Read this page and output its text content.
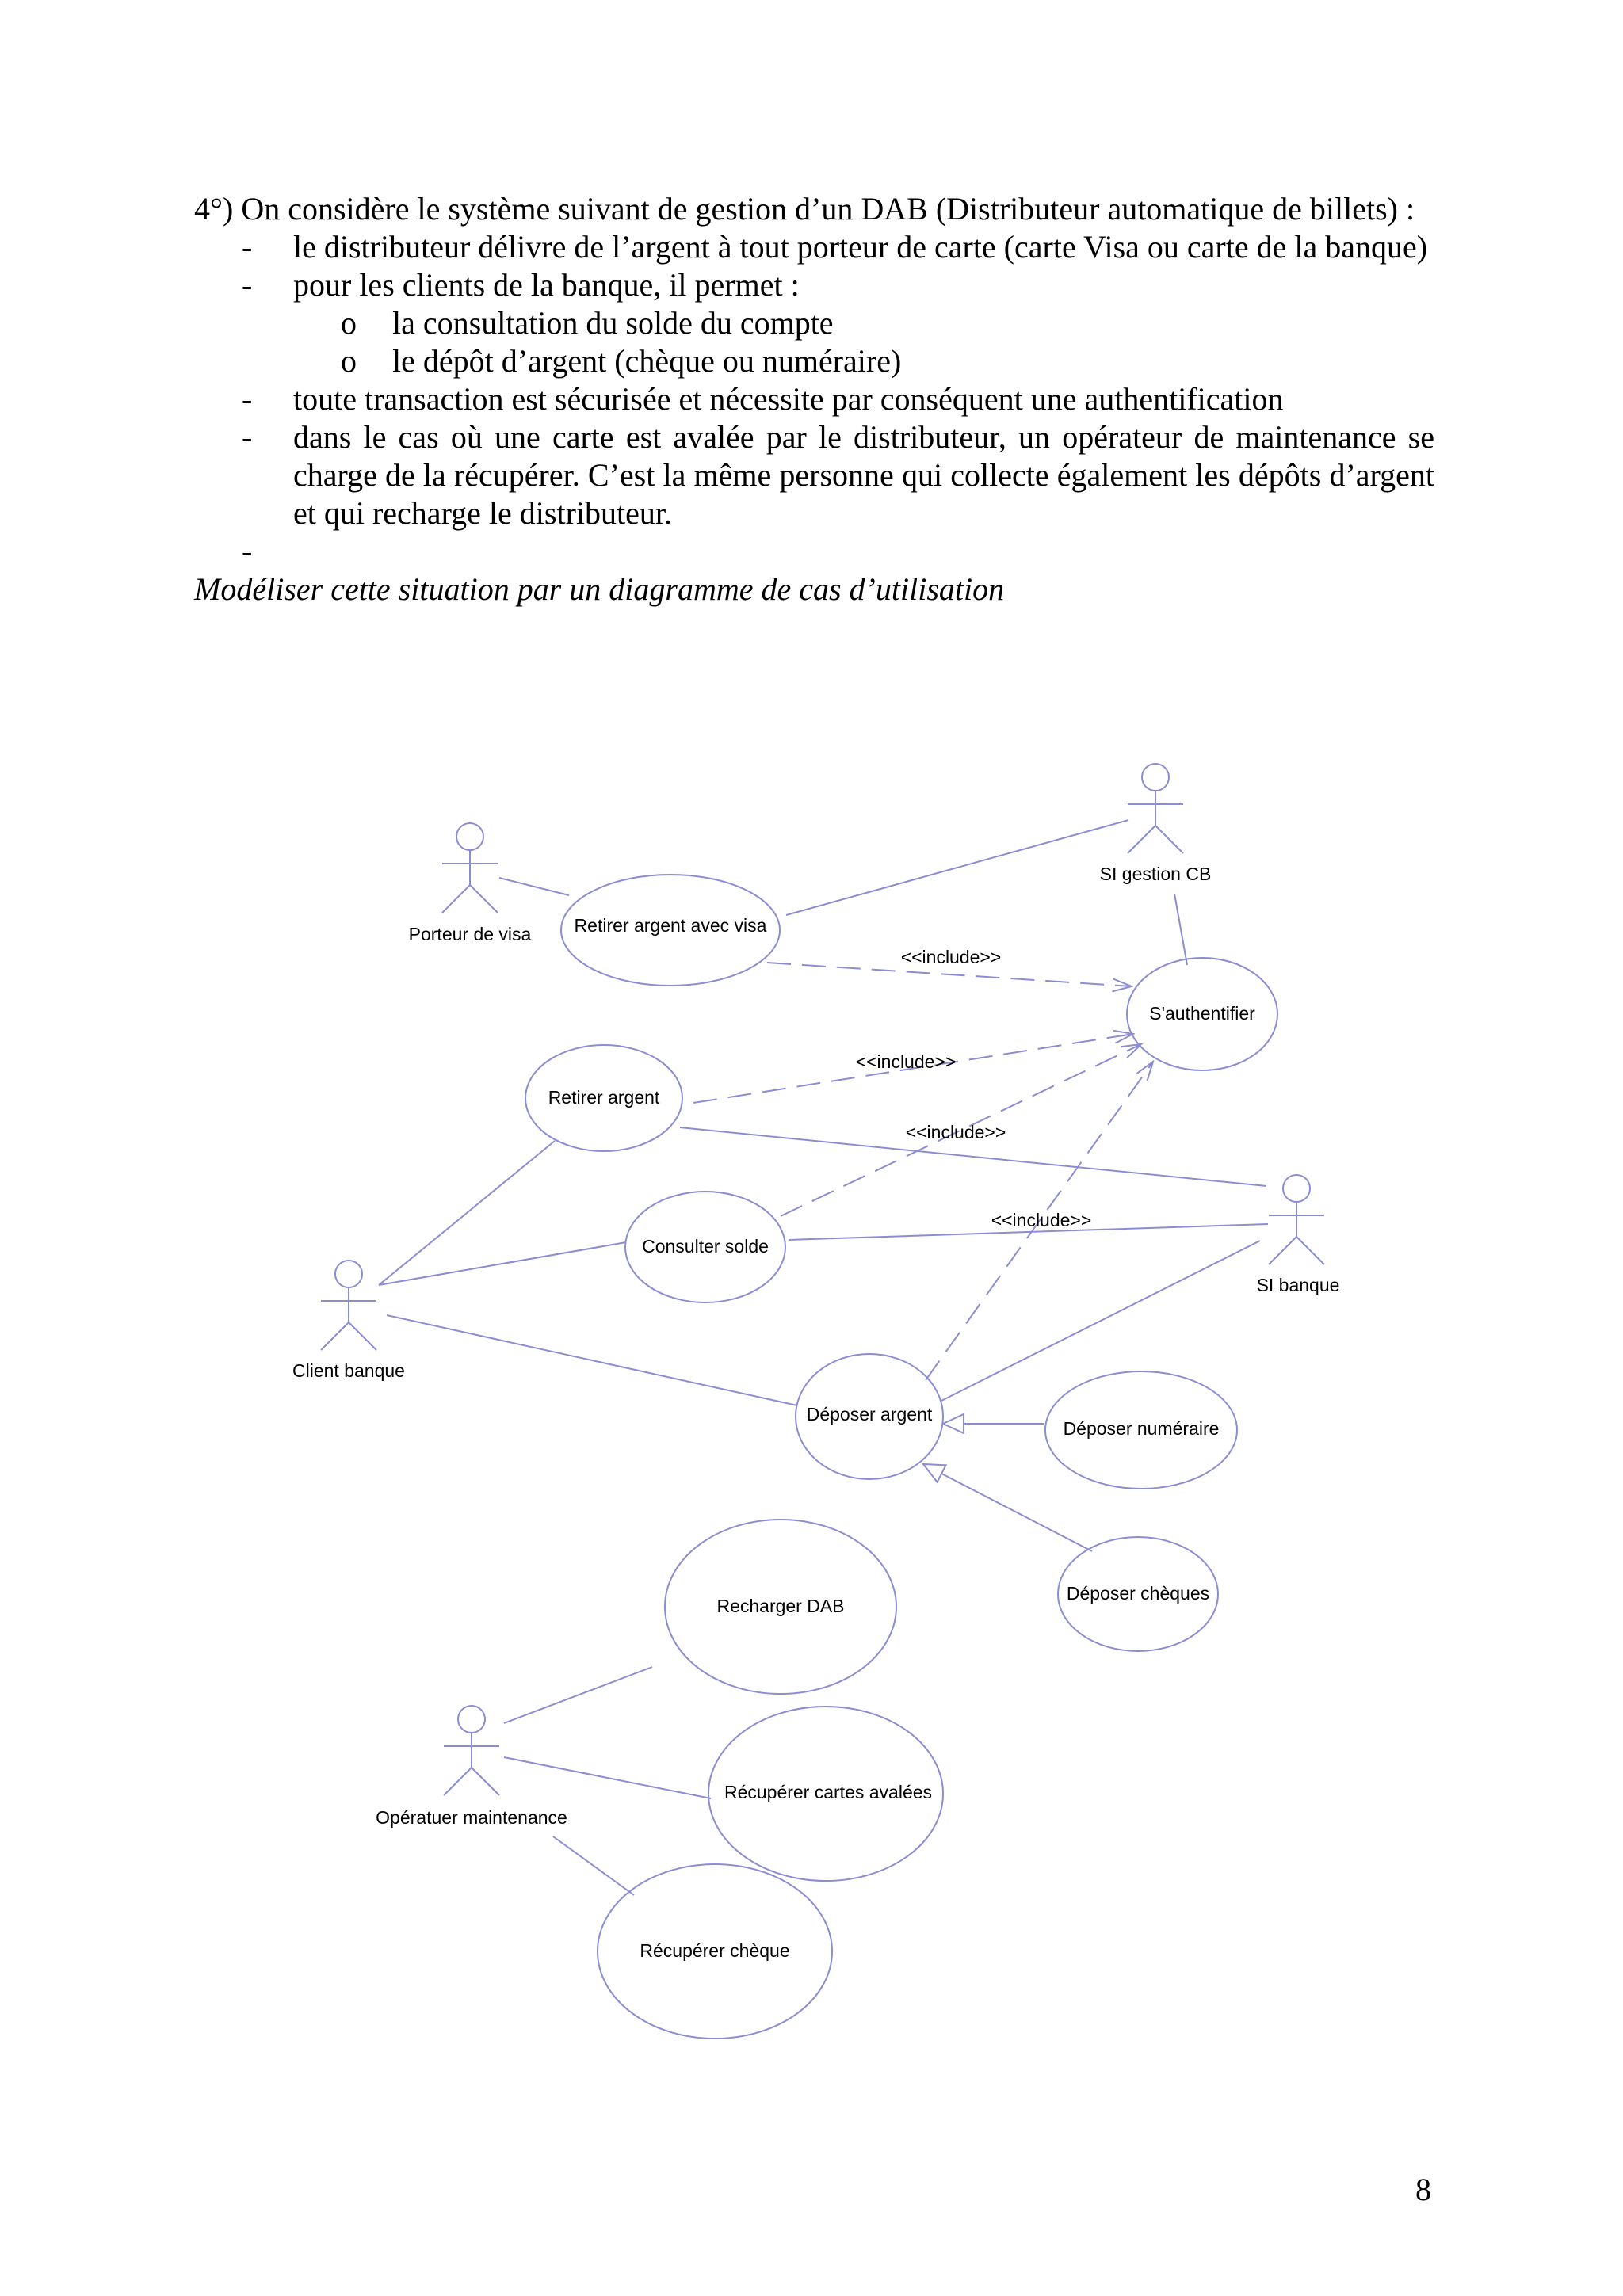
4°) On considère le système suivant de gestion d’un DAB (Distributeur automatique de billets) :

- le distributeur délivre de l’argent à tout porteur de carte (carte Visa ou carte de la banque)

- pour les clients de la banque, il permet :

o la consultation du solde du compte

o le dépôt d’argent (chèque ou numéraire)

- toute transaction est sécurisée et nécessite par conséquent une authentification

- dans le cas où une carte est avalée par le distributeur, un opérateur de maintenance se charge de la récupérer. C’est la même personne qui collecte également les dépôts d’argent et qui recharge le distributeur.

-

Modéliser cette situation par un diagramme de cas d’utilisation

Porteur de visa
SI gestion CB
Client banque
SI banque
Opératuer maintenance
Retirer argent avec visa
S'authentifier
Retirer argent
Consulter solde
Déposer argent
Déposer numéraire
Déposer chèques
Recharger DAB
Récupérer cartes avalées
Récupérer chèque
<<include>>
<<include>>
<<include>>
<<include>>
8
